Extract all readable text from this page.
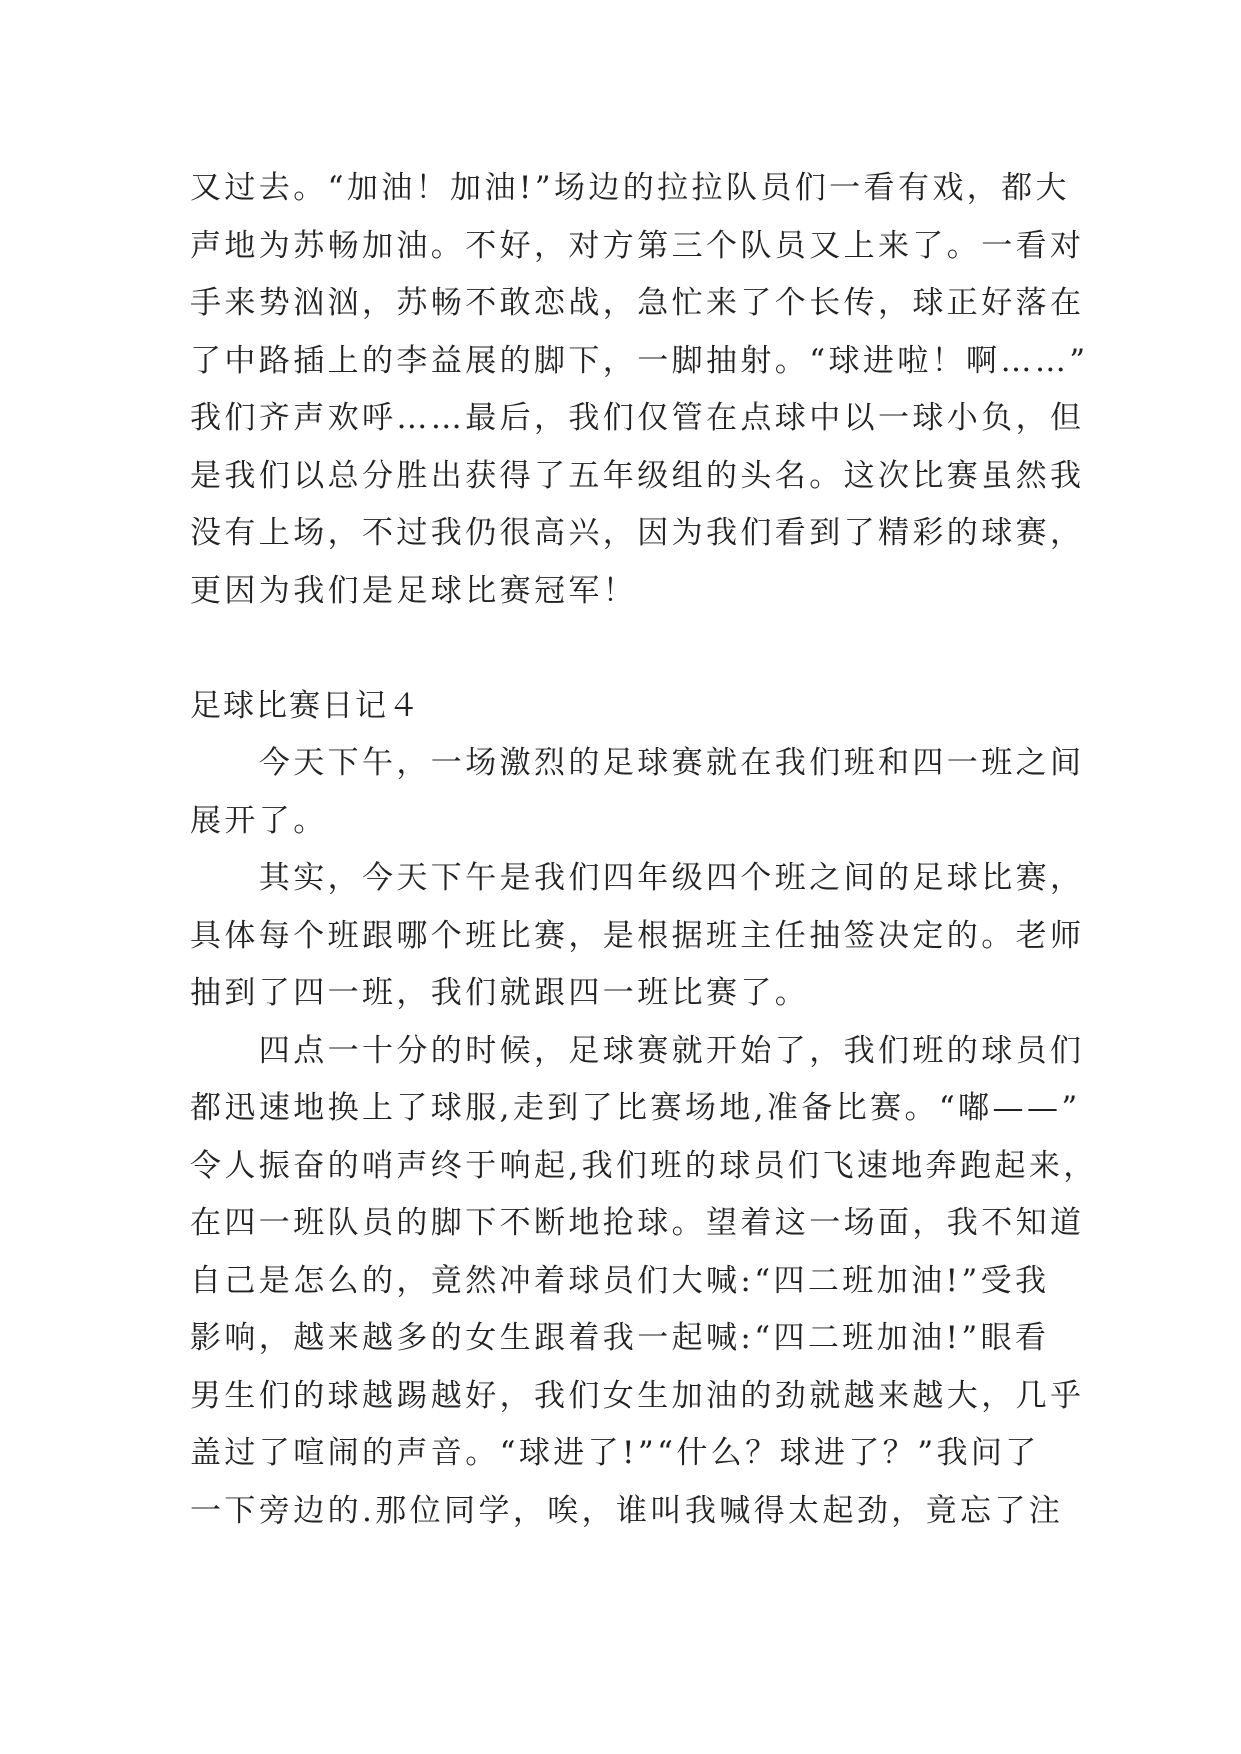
又过去。“加油！加油!”场边的拉拉队员们一看有戏，都大

声地为苏畅加油。不好，对方第三个队员又上来了。一看对

手来势汹汹，苏畅不敢恋战，急忙来了个长传，球正好落在

了中路插上的李益展的脚下，一脚抽射。“球进啦！啊……”

我们齐声欢呼……最后，我们仅管在点球中以一球小负，但

是我们以总分胜出获得了五年级组的头名。这次比赛虽然我

没有上场，不过我仍很高兴，因为我们看到了精彩的球赛，

更因为我们是足球比赛冠军！

足球比赛日记４

　　今天下午，一场激烈的足球赛就在我们班和四一班之间

展开了。

　　其实，今天下午是我们四年级四个班之间的足球比赛，

具体每个班跟哪个班比赛，是根据班主任抽签决定的。老师

抽到了四一班，我们就跟四一班比赛了。

　　四点一十分的时候，足球赛就开始了，我们班的球员们

都迅速地换上了球服,走到了比赛场地,准备比赛。“嘟——”

令人振奋的哨声终于响起,我们班的球员们飞速地奔跑起来，

在四一班队员的脚下不断地抢球。望着这一场面，我不知道

自己是怎么的，竟然冲着球员们大喊:“四二班加油!”受我

影响，越来越多的女生跟着我一起喊:“四二班加油!”眼看

男生们的球越踢越好，我们女生加油的劲就越来越大，几乎

盖过了喧闹的声音。“球进了!”“什么？球进了？”我问了

一下旁边的.那位同学，唉，谁叫我喊得太起劲，竟忘了注
